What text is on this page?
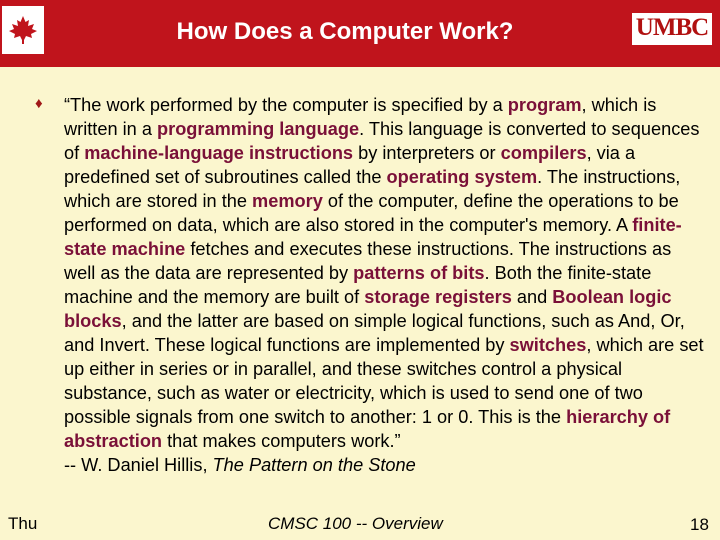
How Does a Computer Work?	UMBC
♦ “The work performed by the computer is specified by a program, which is written in a programming language. This language is converted to sequences of machine-language instructions by interpreters or compilers, via a predefined set of subroutines called the operating system. The instructions, which are stored in the memory of the computer, define the operations to be performed on data, which are also stored in the computer's memory. A finite-state machine fetches and executes these instructions. The instructions as well as the data are represented by patterns of bits. Both the finite-state machine and the memory are built of storage registers and Boolean logic blocks, and the latter are based on simple logical functions, such as And, Or, and Invert. These logical functions are implemented by switches, which are set up either in series or in parallel, and these switches control a physical substance, such as water or electricity, which is used to send one of two possible signals from one switch to another: 1 or 0. This is the hierarchy of abstraction that makes computers work.”
-- W. Daniel Hillis, The Pattern on the Stone
Thu	CMSC 100 -- Overview	18
